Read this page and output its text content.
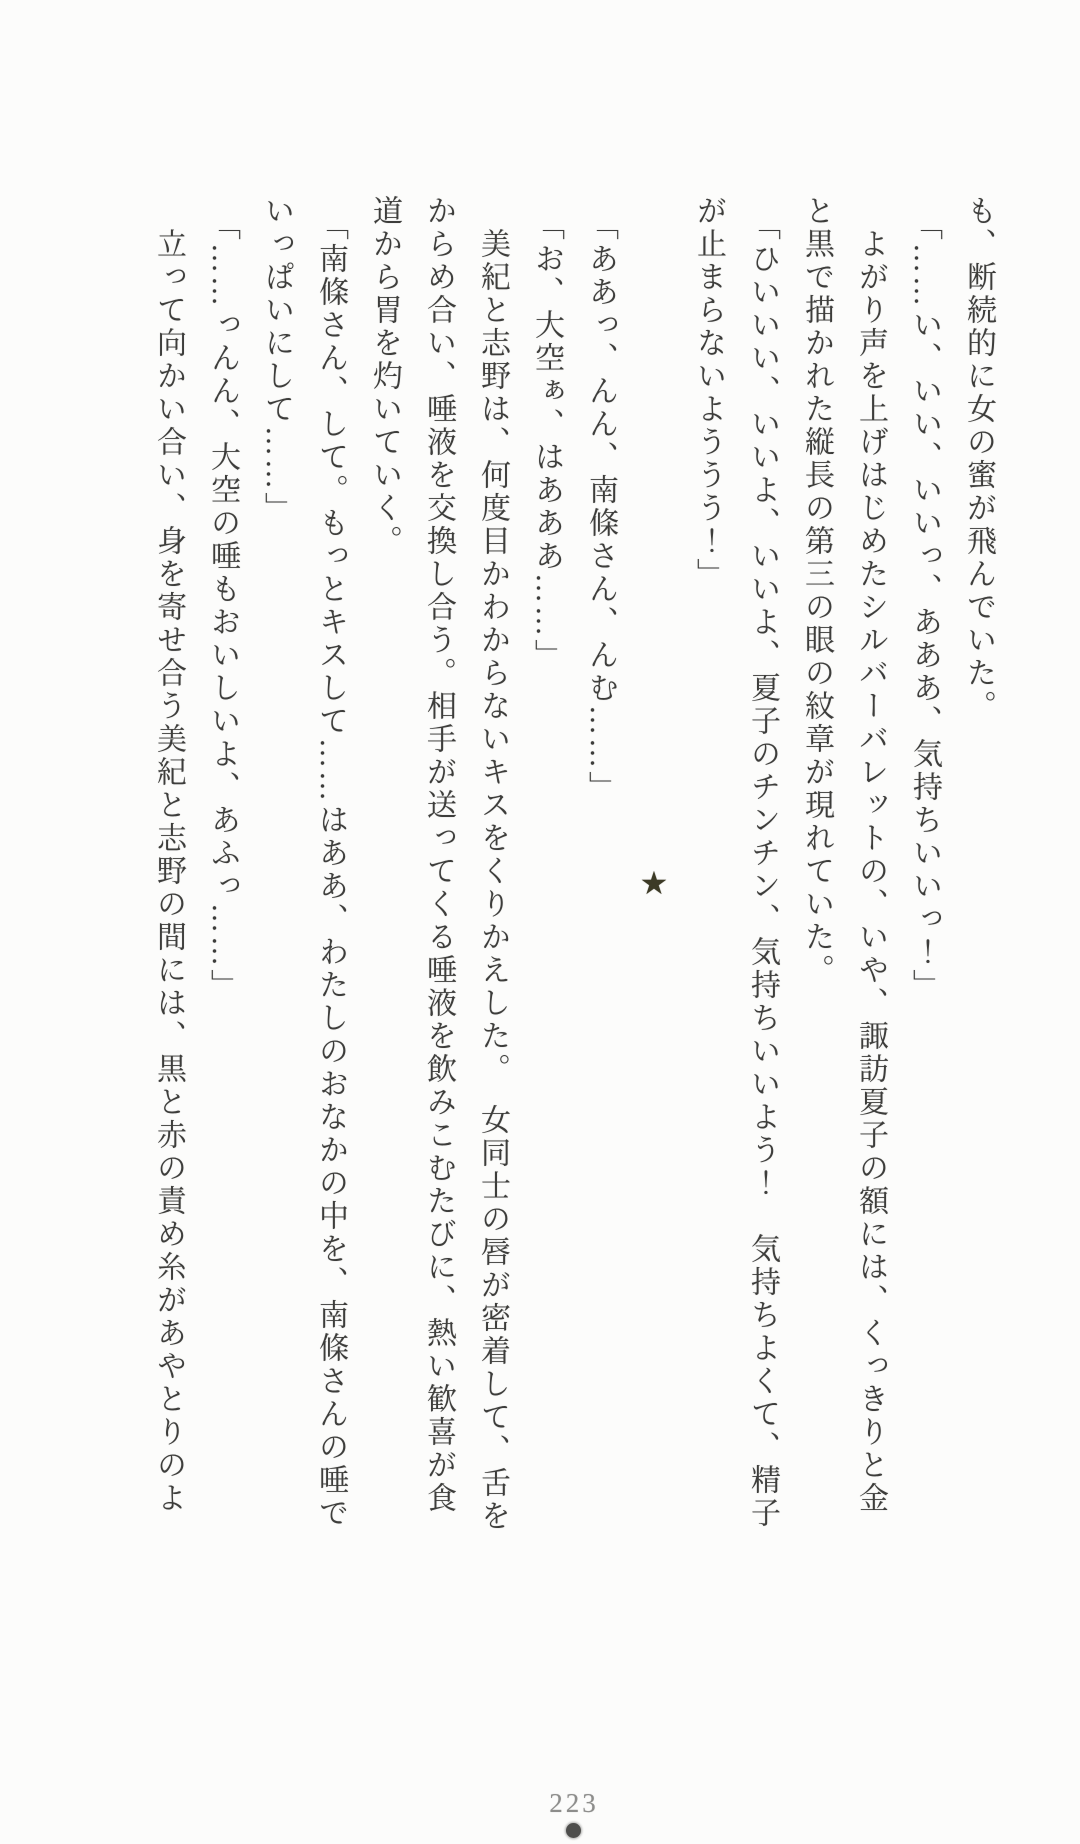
も、断続的に女の蜜が飛んでいた。

「……い、いい、いいっ、あああ、気持ちいいっ！」

よがり声を上げはじめたシルバーバレットの、いや、諏訪夏子の額には、くっきりと金

と黒で描かれた縦長の第三の眼の紋章が現れていた。

「ひいいい、いいよ、いいよ、夏子のチンチン、気持ちいいよう！　気持ちよくて、精子

が止まらないよううう！」

★

「ああっ、んん、南條さん、んむ……」

「お、大空ぁ、はあああ……」

美紀と志野は、何度目かわからないキスをくりかえした。　女同士の唇が密着して、舌を

からめ合い、唾液を交換し合う。相手が送ってくる唾液を飲みこむたびに、熱い歓喜が食

道から胃を灼いていく。

「南條さん、して。もっとキスして……はああ、わたしのおなかの中を、南條さんの唾で

いっぱいにして……」

「……っんん、大空の唾もおいしいよ、あふっ……」

立って向かい合い、身を寄せ合う美紀と志野の間には、黒と赤の責め糸があやとりのよ

223
